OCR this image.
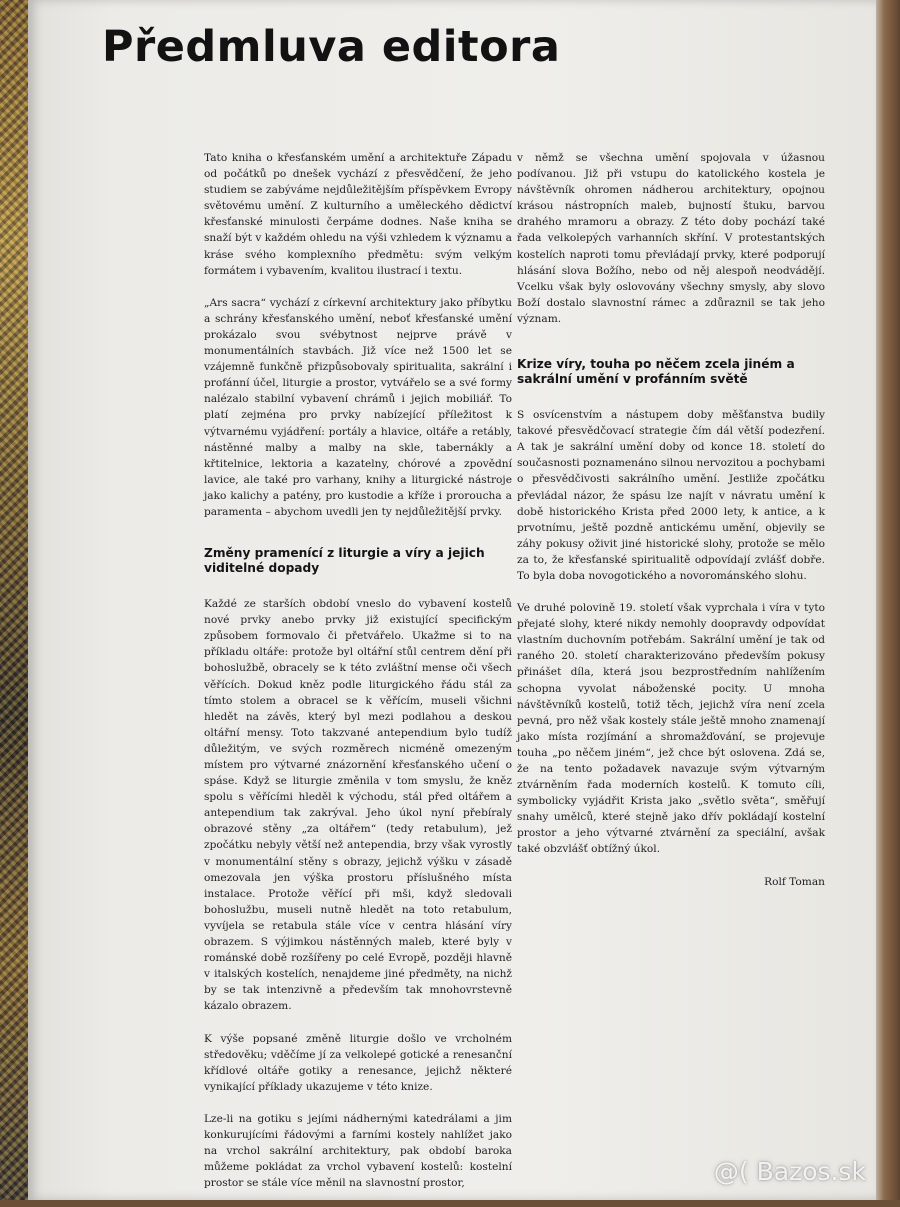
Předmluva editora

Tato kniha o křesťanském umění a architektuře Západu od počátků po dnešek vychází z přesvědčení, že jeho studiem se zabýváme nejdůležitějším příspěvkem Evropy světovému umění. Z kulturního a uměleckého dědictví křesťanské minulosti čerpáme dodnes. Naše kniha se snaží být v každém ohledu na výši vzhledem k významu a kráse svého komplexního předmětu: svým velkým formátem i vybavením, kvalitou ilustrací i textu.

„Ars sacra“ vychází z církevní architektury jako příbytku a schrány křesťanského umění, neboť křesťanské umění prokázalo svou svébytnost nejprve právě v monumentálních stavbách. Již více než 1500 let se vzájemně funkčně přizpůsobovaly spiritualita, sakrální i profánní účel, liturgie a prostor, vytvářelo se a své formy nalézalo stabilní vybavení chrámů i jejich mobiliář. To platí zejména pro prvky nabízející příležitost k výtvarnému vyjádření: portály a hlavice, oltáře a retábly, nástěnné malby a malby na skle, tabernákly a křtitelnice, lektoria a kazatelny, chórové a zpovědní lavice, ale také pro varhany, knihy a liturgické nástroje jako kalichy a patény, pro kustodie a kříže i proroucha a paramenta – abychom uvedli jen ty nejdůležitější prvky.

Změny pramenící z liturgie a víry a jejich viditelné dopady

Každé ze starších období vneslo do vybavení kostelů nové prvky anebo prvky již existující specifickým způsobem formovalo či přetvářelo. Ukažme si to na příkladu oltáře: protože byl oltářní stůl centrem dění při bohoslužbě, obracely se k této zvláštní mense oči všech věřících. Dokud kněz podle liturgického řádu stál za tímto stolem a obracel se k věřícím, museli všichni hledět na závěs, který byl mezi podlahou a deskou oltářní mensy. Toto takzvané antependium bylo tudíž důležitým, ve svých rozměrech nicméně omezeným místem pro výtvarné znázornění křesťanského učení o spáse. Když se liturgie změnila v tom smyslu, že kněz spolu s věřícími hleděl k východu, stál před oltářem a antependium tak zakrýval. Jeho úkol nyní přebíraly obrazové stěny „za oltářem“ (tedy retabulum), jež zpočátku nebyly větší než antependia, brzy však vyrostly v monumentální stěny s obrazy, jejichž výšku v zásadě omezovala jen výška prostoru příslušného místa instalace. Protože věřící při mši, když sledovali bohoslužbu, museli nutně hledět na toto retabulum, vyvíjela se retabula stále více v centra hlásání víry obrazem. S výjimkou nástěnných maleb, které byly v románské době rozšířeny po celé Evropě, později hlavně v italských kostelích, nenajdeme jiné předměty, na nichž by se tak intenzivně a především tak mnohovrstevně kázalo obrazem.

K výše popsané změně liturgie došlo ve vrcholném středověku; vděčíme jí za velkolepé gotické a renesanční křídlové oltáře gotiky a renesance, jejichž některé vynikající příklady ukazujeme v této knize.

Lze-li na gotiku s jejími nádhernými katedrálami a jim konkurujícími řádovými a farními kostely nahlížet jako na vrchol sakrální architektury, pak období baroka můžeme pokládat za vrchol vybavení kostelů: kostelní prostor se stále více měnil na slavnostní prostor,

v němž se všechna umění spojovala v úžasnou podívanou. Již při vstupu do katolického kostela je návštěvník ohromen nádherou architektury, opojnou krásou nástropních maleb, bujností štuku, barvou drahého mramoru a obrazy. Z této doby pochází také řada velkolepých varhanních skříní. V protestantských kostelích naproti tomu převládají prvky, které podporují hlásání slova Božího, nebo od něj alespoň neodvádějí. Vcelku však byly oslovovány všechny smysly, aby slovo Boží dostalo slavnostní rámec a zdůraznil se tak jeho význam.

Krize víry, touha po něčem zcela jiném a sakrální umění v profánním světě

S osvícenstvím a nástupem doby měšťanstva budily takové přesvědčovací strategie čím dál větší podezření. A tak je sakrální umění doby od konce 18. století do současnosti poznamenáno silnou nervozitou a pochybami o přesvědčivosti sakrálního umění. Jestliže zpočátku převládal názor, že spásu lze najít v návratu umění k době historického Krista před 2000 lety, k antice, a k prvotnímu, ještě pozdně antickému umění, objevily se záhy pokusy oživit jiné historické slohy, protože se mělo za to, že křesťanské spiritualitě odpovídají zvlášť dobře. To byla doba novogotického a novorománského slohu.

Ve druhé polovině 19. století však vyprchala i víra v tyto přejaté slohy, které nikdy nemohly doopravdy odpovídat vlastním duchovním potřebám. Sakrální umění je tak od raného 20. století charakterizováno především pokusy přinášet díla, která jsou bezprostředním nahlížením schopna vyvolat náboženské pocity. U mnoha návštěvníků kostelů, totiž těch, jejichž víra není zcela pevná, pro něž však kostely stále ještě mnoho znamenají jako místa rozjímání a shromažďování, se projevuje touha „po něčem jiném“, jež chce být oslovena. Zdá se, že na tento požadavek navazuje svým výtvarným ztvárněním řada moderních kostelů. K tomuto cíli, symbolicky vyjádřit Krista jako „světlo světa“, směřují snahy umělců, které stejně jako dřív pokládají kostelní prostor a jeho výtvarné ztvárnění za speciální, avšak také obzvlášť obtížný úkol.

Rolf Toman

@( Bazos.sk
